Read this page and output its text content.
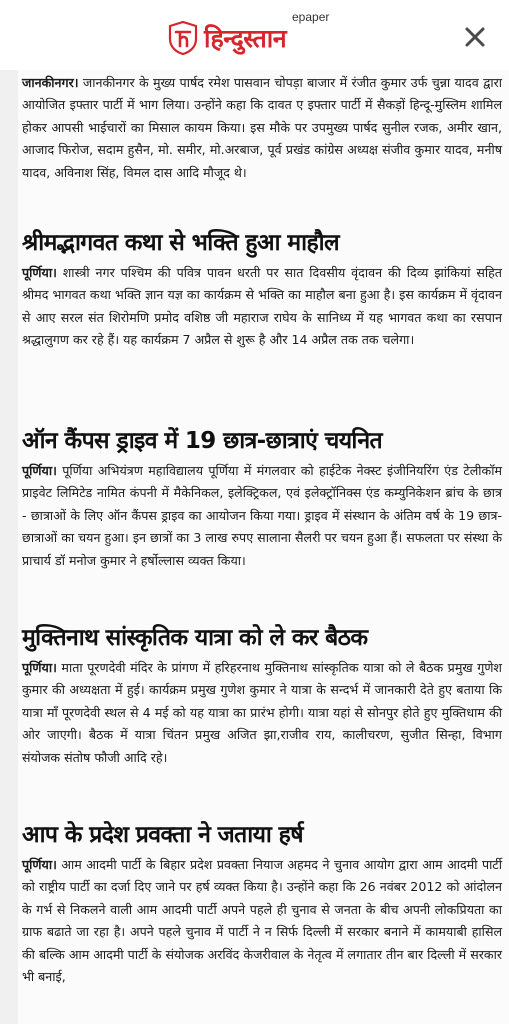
हिन्दुस्तान
epaper

जानकीनगर। जानकीनगर के मुख्य पार्षद रमेश पासवान चोपड़ा बाजार में रंजीत कुमार उर्फ चुन्ना यादव द्वारा आयोजित इफ्तार पार्टी में भाग लिया। उन्होंने कहा कि दावत ए इफ्तार पार्टी में सैकड़ों हिन्दू-मुस्लिम शामिल होकर आपसी भाईचारों का मिसाल कायम किया। इस मौके पर उपमुख्य पार्षद सुनील रजक, अमीर खान, आजाद फिरोज, सदाम हुसैन, मो. समीर, मो.अरबाज, पूर्व प्रखंड कांग्रेस अध्यक्ष संजीव कुमार यादव, मनीष यादव, अविनाश सिंह, विमल दास आदि मौजूद थे।

श्रीमद्भागवत कथा से भक्ति हुआ माहौल

पूर्णिया। शास्त्री नगर पश्चिम की पवित्र पावन धरती पर सात दिवसीय वृंदावन की दिव्य झांकियां सहित श्रीमद भागवत कथा भक्ति ज्ञान यज्ञ का कार्यक्रम से भक्ति का माहौल बना हुआ है। इस कार्यक्रम में वृंदावन से आए सरल संत शिरोमणि प्रमोद वशिष्ठ जी महाराज राघेय के सानिध्य में यह भागवत कथा का रसपान श्रद्धालुगण कर रहे हैं। यह कार्यक्रम 7 अप्रैल से शुरू है और 14 अप्रैल तक तक चलेगा।

ऑन कैंपस ड्राइव में 19 छात्र-छात्राएं चयनित

पूर्णिया। पूर्णिया अभियंत्रण महाविद्यालय पूर्णिया में मंगलवार को हाईटेक नेक्स्ट इंजीनियरिंग एंड टेलीकॉम प्राइवेट लिमिटेड नामित कंपनी में मैकेनिकल, इलेक्ट्रिकल, एवं इलेक्ट्रॉनिक्स एंड कम्युनिकेशन ब्रांच के छात्र - छात्राओं के लिए ऑन कैंपस ड्राइव का आयोजन किया गया। ड्राइव में संस्थान के अंतिम वर्ष के 19 छात्र-छात्राओं का चयन हुआ। इन छात्रों का 3 लाख रुपए सालाना सैलरी पर चयन हुआ हैं। सफलता पर संस्था के प्राचार्य डॉ मनोज कुमार ने हर्षोल्लास व्यक्त किया।

मुक्तिनाथ सांस्कृतिक यात्रा को ले कर बैठक

पूर्णिया। माता पूरणदेवी मंदिर के प्रांगण में हरिहरनाथ मुक्तिनाथ सांस्कृतिक यात्रा को ले बैठक प्रमुख गुणेश कुमार की अध्यक्षता में हुई। कार्यक्रम प्रमुख गुणेश कुमार ने यात्रा के सन्दर्भ में जानकारी देते हुए बताया कि यात्रा माँ पूरणदेवी स्थल से 4 मई को यह यात्रा का प्रारंभ होगी। यात्रा यहां से सोनपुर होते हुए मुक्तिधाम की ओर जाएगी। बैठक में यात्रा चिंतन प्रमुख अजित झा,राजीव राय, कालीचरण, सुजीत सिन्हा, विभाग संयोजक संतोष फौजी आदि रहे।

आप के प्रदेश प्रवक्ता ने जताया हर्ष

पूर्णिया। आम आदमी पार्टी के बिहार प्रदेश प्रवक्ता नियाज अहमद ने चुनाव आयोग द्वारा आम आदमी पार्टी को राष्ट्रीय पार्टी का दर्जा दिए जाने पर हर्ष व्यक्त किया है। उन्होंने कहा कि 26 नवंबर 2012 को आंदोलन के गर्भ से निकलने वाली आम आदमी पार्टी अपने पहले ही चुनाव से जनता के बीच अपनी लोकप्रियता का ग्राफ बढाते जा रहा है। अपने पहले चुनाव में पार्टी ने न सिर्फ दिल्ली में सरकार बनाने में कामयाबी हासिल की बल्कि आम आदमी पार्टी के संयोजक अरविंद केजरीवाल के नेतृत्व में लगातार तीन बार दिल्ली में सरकार भी बनाई,
